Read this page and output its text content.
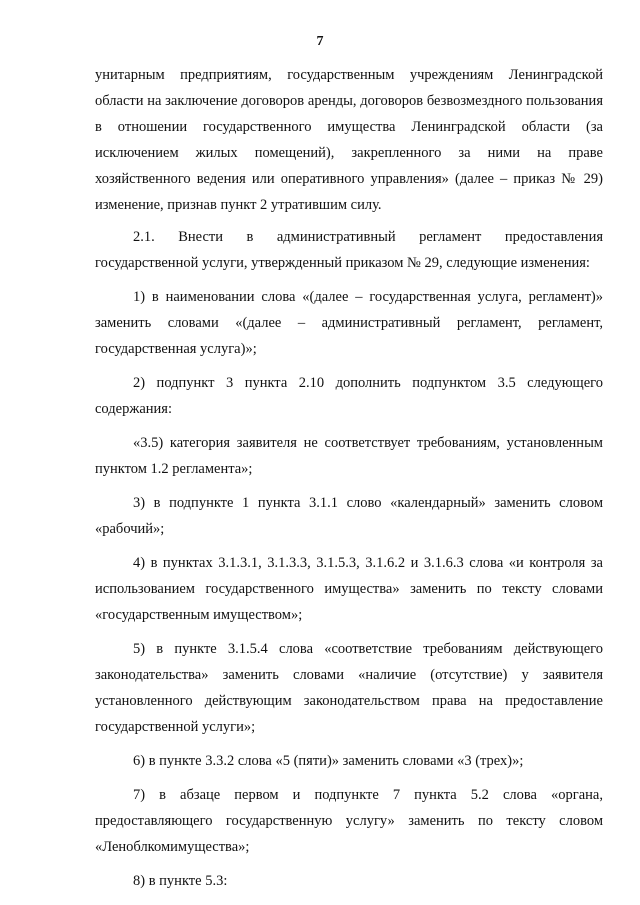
7

унитарным предприятиям, государственным учреждениям Ленинградской области на заключение договоров аренды, договоров безвозмездного пользования в отношении государственного имущества Ленинградской области (за исключением жилых помещений), закрепленного за ними на праве хозяйственного ведения или оперативного управления» (далее – приказ № 29) изменение, признав пункт 2 утратившим силу.

2.1. Внести в административный регламент предоставления государственной услуги, утвержденный приказом № 29, следующие изменения:

1) в наименовании слова «(далее – государственная услуга, регламент)» заменить словами «(далее – административный регламент, регламент, государственная услуга)»;

2) подпункт 3 пункта 2.10 дополнить подпунктом 3.5 следующего содержания:

«3.5) категория заявителя не соответствует требованиям, установленным пунктом 1.2 регламента»;

3) в подпункте 1 пункта 3.1.1 слово «календарный» заменить словом «рабочий»;

4) в пунктах 3.1.3.1, 3.1.3.3, 3.1.5.3, 3.1.6.2 и 3.1.6.3 слова «и контроля за использованием государственного имущества» заменить по тексту словами «государственным имуществом»;

5) в пункте 3.1.5.4 слова «соответствие требованиям действующего законодательства» заменить словами «наличие (отсутствие) у заявителя установленного действующим законодательством права на предоставление государственной услуги»;

6) в пункте 3.3.2 слова «5 (пяти)» заменить словами «3 (трех)»;

7) в абзаце первом и подпункте 7 пункта 5.2 слова «органа, предоставляющего государственную услугу» заменить по тексту словом «Леноблкомимущества»;

8) в пункте 5.3:
